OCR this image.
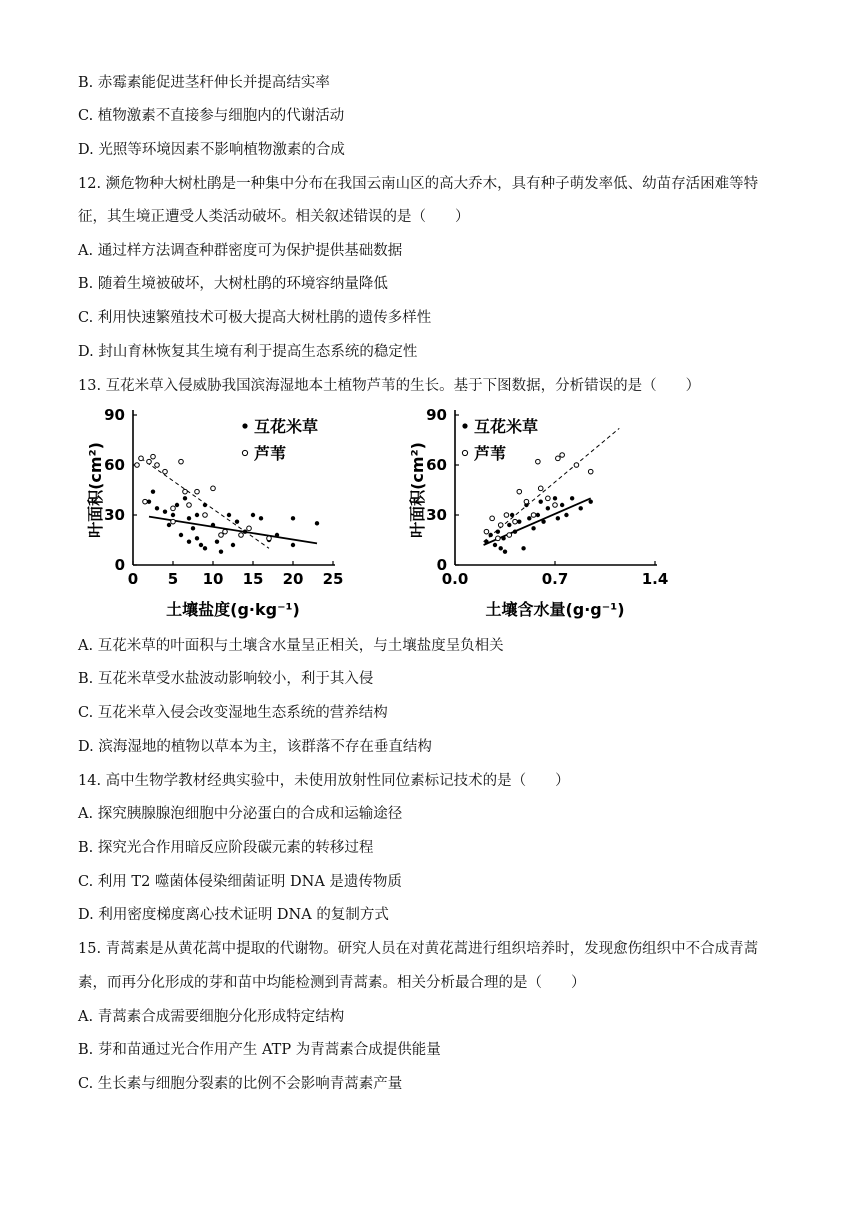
B. 赤霉素能促进茎秆伸长并提高结实率
C. 植物激素不直接参与细胞内的代谢活动
D. 光照等环境因素不影响植物激素的合成
12. 濒危物种大树杜鹃是一种集中分布在我国云南山区的高大乔木，具有种子萌发率低、幼苗存活困难等特
征，其生境正遭受人类活动破坏。相关叙述错误的是（　　）
A. 通过样方法调查种群密度可为保护提供基础数据
B. 随着生境被破坏，大树杜鹃的环境容纳量降低
C. 利用快速繁殖技术可极大提高大树杜鹃的遗传多样性
D. 封山育林恢复其生境有利于提高生态系统的稳定性
13. 互花米草入侵威胁我国滨海湿地本土植物芦苇的生长。基于下图数据，分析错误的是（　　）
0
30
60
90
0 5 10 15 20 25
土壤盐度(g·kg⁻¹)
叶面积(cm²)
互花米草
芦苇
0
30
60
90
0.0	0.7	1.4
土壤含水量(g·g⁻¹)
叶面积(cm²)
互花米草
芦苇
A. 互花米草的叶面积与土壤含水量呈正相关，与土壤盐度呈负相关
B. 互花米草受水盐波动影响较小，利于其入侵
C. 互花米草入侵会改变湿地生态系统的营养结构
D. 滨海湿地的植物以草本为主，该群落不存在垂直结构
14. 高中生物学教材经典实验中，未使用放射性同位素标记技术的是（　　）
A. 探究胰腺腺泡细胞中分泌蛋白的合成和运输途径
B. 探究光合作用暗反应阶段碳元素的转移过程
C. 利用 T2 噬菌体侵染细菌证明 DNA 是遗传物质
D. 利用密度梯度离心技术证明 DNA 的复制方式
15. 青蒿素是从黄花蒿中提取的代谢物。研究人员在对黄花蒿进行组织培养时，发现愈伤组织中不合成青蒿
素，而再分化形成的芽和苗中均能检测到青蒿素。相关分析最合理的是（　　）
A. 青蒿素合成需要细胞分化形成特定结构
B. 芽和苗通过光合作用产生 ATP 为青蒿素合成提供能量
C. 生长素与细胞分裂素的比例不会影响青蒿素产量
